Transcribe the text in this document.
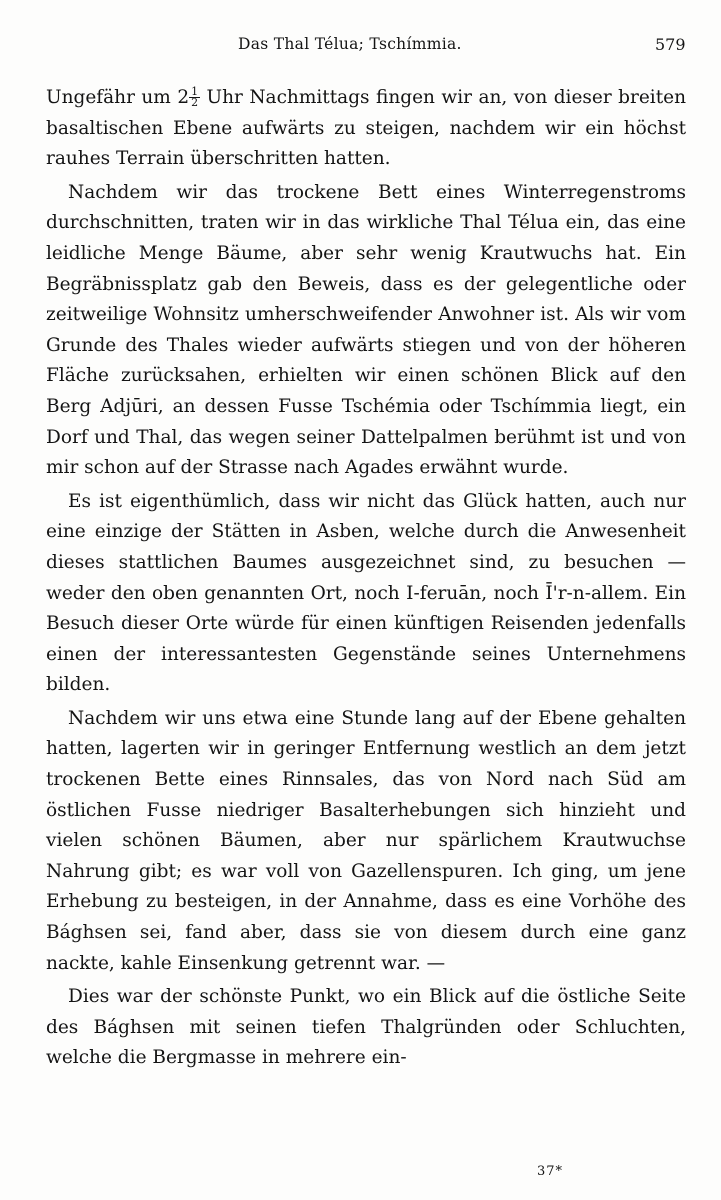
Das Thal Télua; Tschímmia.	579

Ungefähr um $2 \frac{1}{2}$ Uhr Nachmittags fingen wir an, von dieser breiten basaltischen Ebene aufwärts zu steigen, nachdem wir ein höchst rauhes Terrain überschritten hatten.

Nachdem wir das trockene Bett eines Winterregenstroms durchschnitten, traten wir in das wirkliche Thal Télua ein, das eine leidliche Menge Bäume, aber sehr wenig Krautwuchs hat. Ein Begräbnissplatz gab den Beweis, dass es der gelegentliche oder zeitweilige Wohnsitz umherschweifender Anwohner ist. Als wir vom Grunde des Thales wieder aufwärts stiegen und von der höheren Fläche zurücksahen, erhielten wir einen schönen Blick auf den Berg Adjūri, an dessen Fusse Tschémia oder Tschímmia liegt, ein Dorf und Thal, das wegen seiner Dattelpalmen berühmt ist und von mir schon auf der Strasse nach Agades erwähnt wurde.

Es ist eigenthümlich, dass wir nicht das Glück hatten, auch nur eine einzige der Stätten in Asben, welche durch die Anwesenheit dieses stattlichen Baumes ausgezeichnet sind, zu besuchen — weder den oben genannten Ort, noch I-feruān, noch Ī'r-n-allem. Ein Besuch dieser Orte würde für einen künftigen Reisenden jedenfalls einen der interessantesten Gegenstände seines Unternehmens bilden.

Nachdem wir uns etwa eine Stunde lang auf der Ebene gehalten hatten, lagerten wir in geringer Entfernung westlich an dem jetzt trockenen Bette eines Rinnsales, das von Nord nach Süd am östlichen Fusse niedriger Basalterhebungen sich hinzieht und vielen schönen Bäumen, aber nur spärlichem Krautwuchse Nahrung gibt; es war voll von Gazellenspuren. Ich ging, um jene Erhebung zu besteigen, in der Annahme, dass es eine Vorhöhe des Bághsen sei, fand aber, dass sie von diesem durch eine ganz nackte, kahle Einsenkung getrennt war. —

Dies war der schönste Punkt, wo ein Blick auf die östliche Seite des Bághsen mit seinen tiefen Thalgründen oder Schluchten, welche die Bergmasse in mehrere ein-

37*
